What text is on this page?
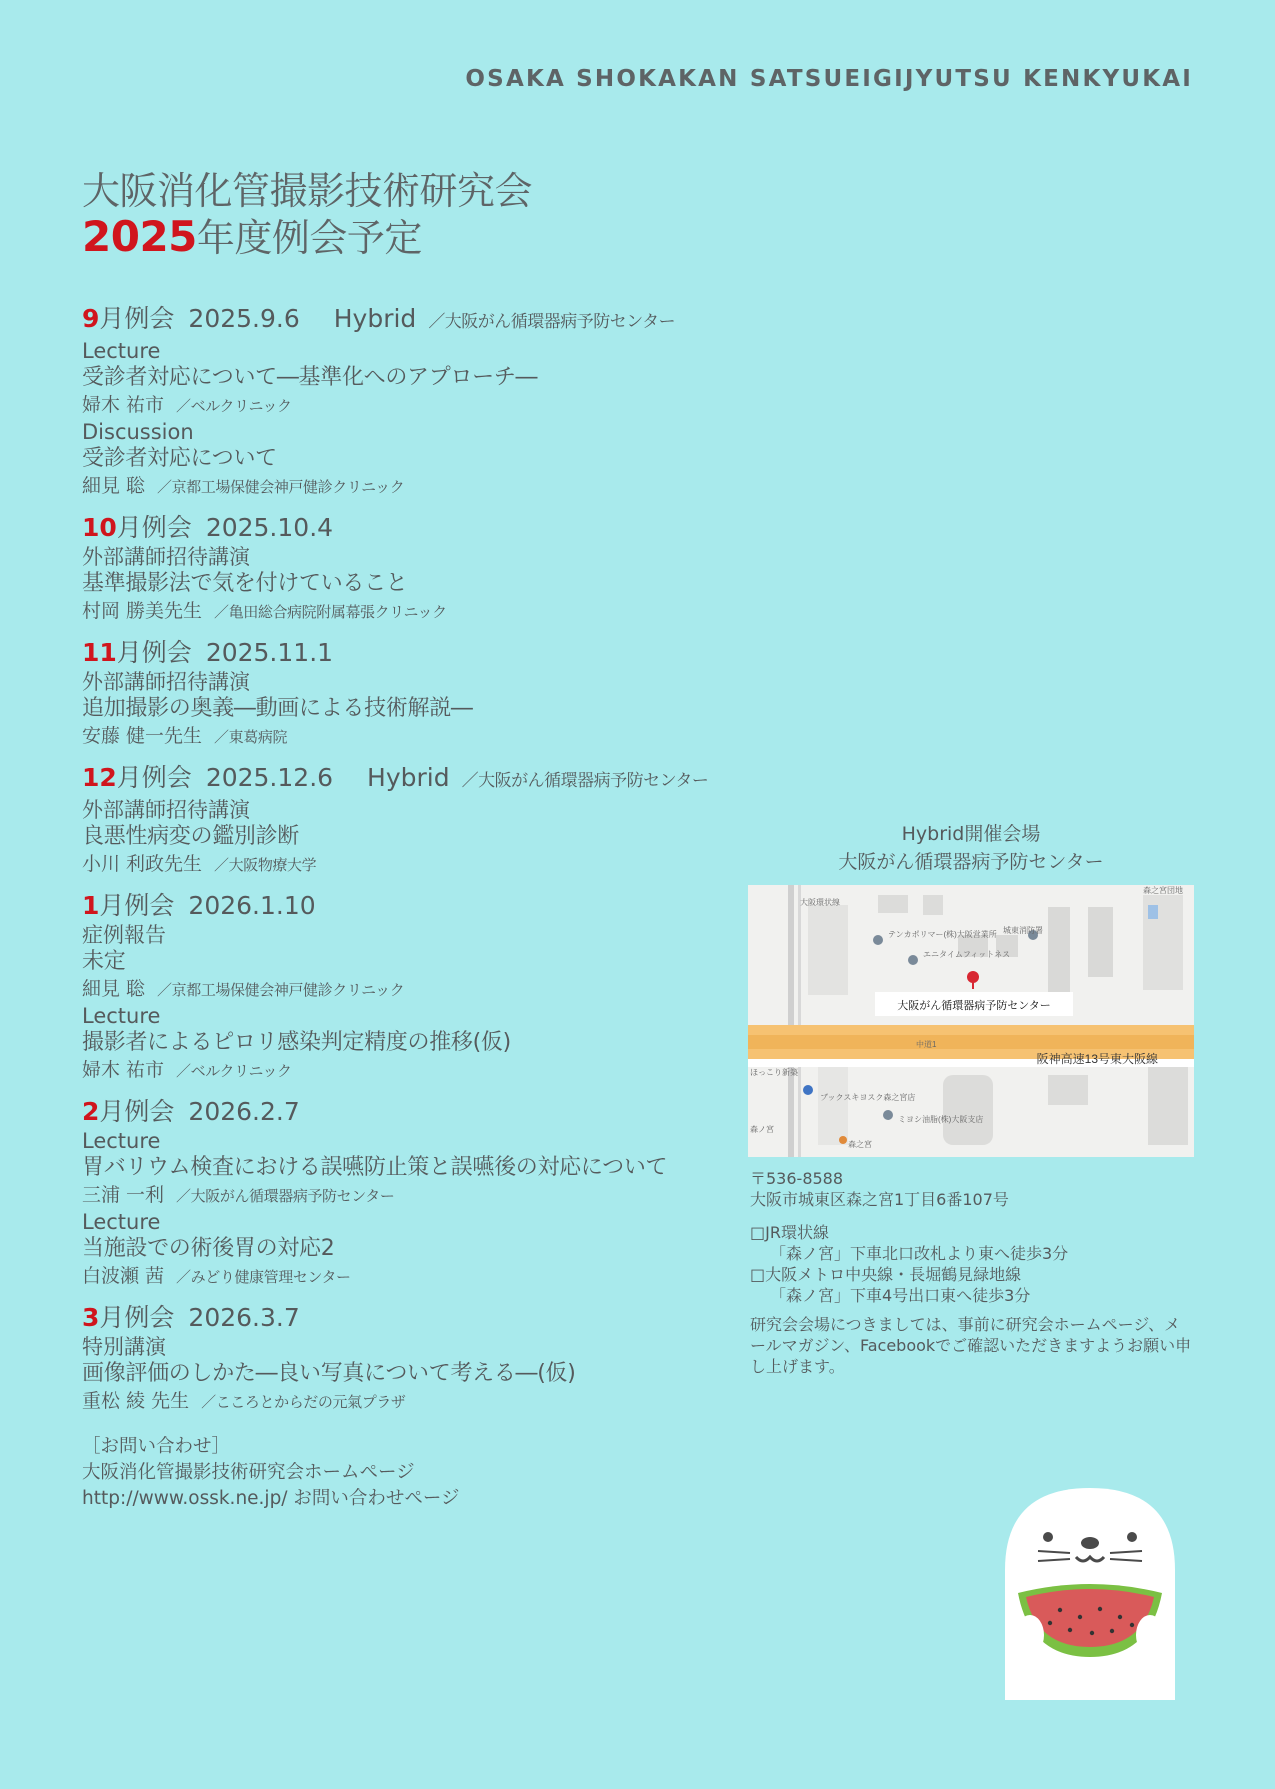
OSAKA SHOKAKAN SATSUEIGIJYUTSU KENKYUKAI
大阪消化管撮影技術研究会
2025年度例会予定
9月例会 2025.9.6 Hybrid ／大阪がん循環器病予防センター
Lecture
受診者対応について―基準化へのアプローチ―
婦木 祐市 ／ベルクリニック
Discussion
受診者対応について
細見 聡 ／京都工場保健会神戸健診クリニック
10月例会 2025.10.4
外部講師招待講演
基準撮影法で気を付けていること
村岡 勝美先生 ／亀田総合病院附属幕張クリニック
11月例会 2025.11.1
外部講師招待講演
追加撮影の奥義―動画による技術解説―
安藤 健一先生 ／東葛病院
12月例会 2025.12.6 Hybrid ／大阪がん循環器病予防センター
外部講師招待講演
良悪性病変の鑑別診断
小川 利政先生 ／大阪物療大学
1月例会 2026.1.10
症例報告
未定
細見 聡 ／京都工場保健会神戸健診クリニック
Lecture
撮影者によるピロリ感染判定精度の推移(仮)
婦木 祐市 ／ベルクリニック
2月例会 2026.2.7
Lecture
胃バリウム検査における誤嚥防止策と誤嚥後の対応について
三浦 一利 ／大阪がん循環器病予防センター
Lecture
当施設での術後胃の対応2
白波瀬 茜 ／みどり健康管理センター
3月例会 2026.3.7
特別講演
画像評価のしかた―良い写真について考える―(仮)
重松 綾 先生 ／こころとからだの元氣プラザ
［お問い合わせ］
大阪消化管撮影技術研究会ホームページ
http://www.ossk.ne.jp/ お問い合わせページ
Hybrid開催会場
大阪がん循環器病予防センター
大阪がん循環器病予防センター
阪神高速13号東大阪線
テンカポリマー(株)大阪営業所
エニタイムフィットネス
城東消防署
森之宮団地
ほっこり新築
ブックスキヨスク森之宮店
ミヨシ油脂(株)大阪支店
森ノ宮
森之宮
中道1
大阪環状線
〒536-8588
大阪市城東区森之宮1丁目6番107号
□JR環状線
「森ノ宮」下車北口改札より東へ徒歩3分
□大阪メトロ中央線・長堀鶴見緑地線
「森ノ宮」下車4号出口東へ徒歩3分
研究会会場につきましては、事前に研究会ホームページ、メールマガジン、Facebookでご確認いただきますようお願い申し上げます。
